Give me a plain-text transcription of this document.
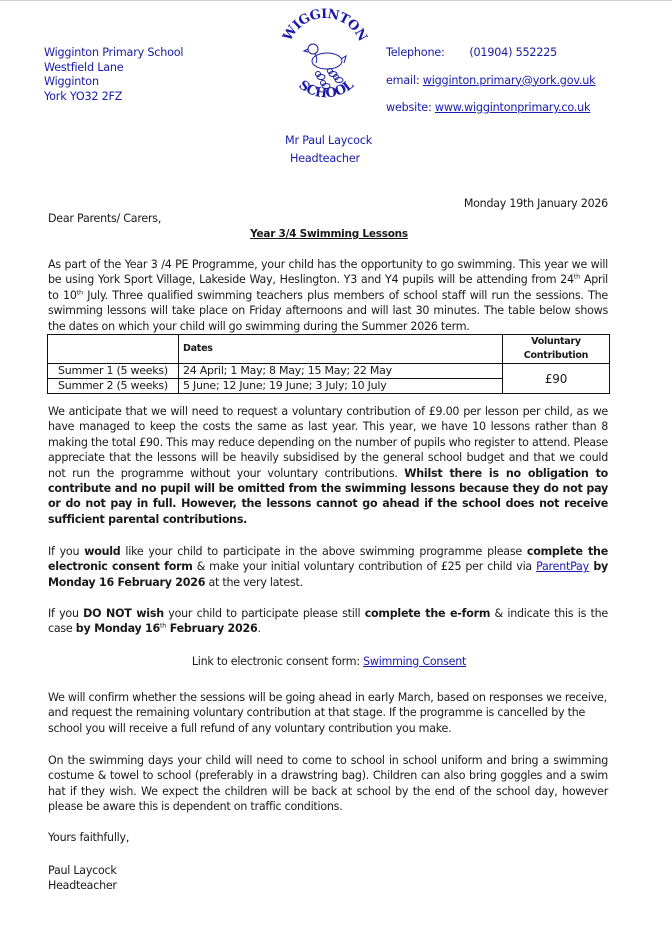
Wigginton Primary School
Westfield Lane
Wigginton
York YO32 2FZ
WIGGINTON
SCHOOL
Telephone: (01904) 552225
email: wigginton.primary@york.gov.uk
website: www.wiggintonprimary.co.uk
Mr Paul Laycock
Headteacher
Monday 19th January 2026
Dear Parents/ Carers,
Year 3/4 Swimming Lessons
As part of the Year 3 /4 PE Programme, your child has the opportunity to go swimming. This year we will be using York Sport Village, Lakeside Way, Heslington. Y3 and Y4 pupils will be attending from 24th April to 10th July. Three qualified swimming teachers plus members of school staff will run the sessions. The swimming lessons will take place on Friday afternoons and will last 30 minutes. The table below shows the dates on which your child will go swimming during the Summer 2026 term.
	Dates	Voluntary Contribution
Summer 1 (5 weeks)	24 April; 1 May; 8 May; 15 May; 22 May	£90
Summer 2 (5 weeks)	5 June; 12 June; 19 June; 3 July; 10 July	
We anticipate that we will need to request a voluntary contribution of £9.00 per lesson per child, as we have managed to keep the costs the same as last year. This year, we have 10 lessons rather than 8 making the total £90. This may reduce depending on the number of pupils who register to attend. Please appreciate that the lessons will be heavily subsidised by the general school budget and that we could not run the programme without your voluntary contributions. Whilst there is no obligation to contribute and no pupil will be omitted from the swimming lessons because they do not pay or do not pay in full. However, the lessons cannot go ahead if the school does not receive sufficient parental contributions.
If you would like your child to participate in the above swimming programme please complete the electronic consent form & make your initial voluntary contribution of £25 per child via ParentPay by Monday 16 February 2026 at the very latest.
If you DO NOT wish your child to participate please still complete the e-form & indicate this is the case by Monday 16th February 2026.
Link to electronic consent form: Swimming Consent
We will confirm whether the sessions will be going ahead in early March, based on responses we receive, and request the remaining voluntary contribution at that stage. If the programme is cancelled by the school you will receive a full refund of any voluntary contribution you make.
On the swimming days your child will need to come to school in school uniform and bring a swimming costume & towel to school (preferably in a drawstring bag). Children can also bring goggles and a swim hat if they wish. We expect the children will be back at school by the end of the school day, however please be aware this is dependent on traffic conditions.
Yours faithfully,
Paul Laycock
Headteacher
